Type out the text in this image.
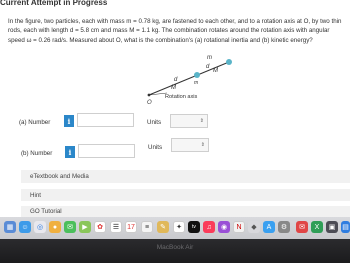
Current Attempt in Progress
In the figure, two particles, each with mass m = 0.78 kg, are fastened to each other, and to a rotation axis at O, by two thin rods, each with length d = 5.8 cm and mass M = 1.1 kg. The combination rotates around the rotation axis with angular speed ω = 0.26 rad/s. Measured about O, what is the combination's (a) rotational inertia and (b) kinetic energy?
m
m
M
M
d
d
O
Rotation axis
(a) Number i	Units	⇕
(b) Number i	Units	⇕
eTextbook and Media
Hint
GO Tutorial
▦	☺	◎	●	✉	▶	✿	☰	17	≡	✎	✦	tv	♫	◉	N	◆	A	⚙	✉	X	▣ ▤
MacBook Air
